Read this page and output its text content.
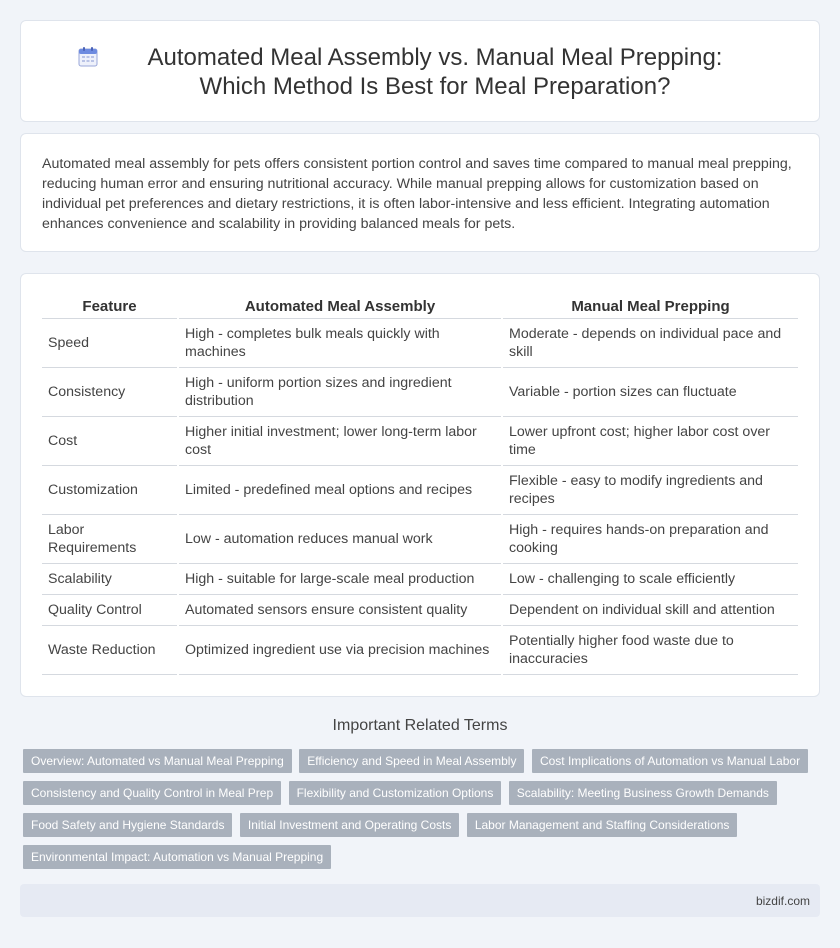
Automated Meal Assembly vs. Manual Meal Prepping: Which Method Is Best for Meal Preparation?

Automated meal assembly for pets offers consistent portion control and saves time compared to manual meal prepping, reducing human error and ensuring nutritional accuracy. While manual prepping allows for customization based on individual pet preferences and dietary restrictions, it is often labor-intensive and less efficient. Integrating automation enhances convenience and scalability in providing balanced meals for pets.

Feature	Automated Meal Assembly	Manual Meal Prepping
Speed	High - completes bulk meals quickly with machines	Moderate - depends on individual pace and skill
Consistency	High - uniform portion sizes and ingredient distribution	Variable - portion sizes can fluctuate
Cost	Higher initial investment; lower long-term labor cost	Lower upfront cost; higher labor cost over time
Customization	Limited - predefined meal options and recipes	Flexible - easy to modify ingredients and recipes
Labor Requirements	Low - automation reduces manual work	High - requires hands-on preparation and cooking
Scalability	High - suitable for large-scale meal production	Low - challenging to scale efficiently
Quality Control	Automated sensors ensure consistent quality	Dependent on individual skill and attention
Waste Reduction	Optimized ingredient use via precision machines	Potentially higher food waste due to inaccuracies
Important Related Terms
Overview: Automated vs Manual Meal Prepping Efficiency and Speed in Meal Assembly Cost Implications of Automation vs Manual Labor Consistency and Quality Control in Meal Prep Flexibility and Customization Options Scalability: Meeting Business Growth Demands Food Safety and Hygiene Standards Initial Investment and Operating Costs Labor Management and Staffing Considerations Environmental Impact: Automation vs Manual Prepping
bizdif.com
